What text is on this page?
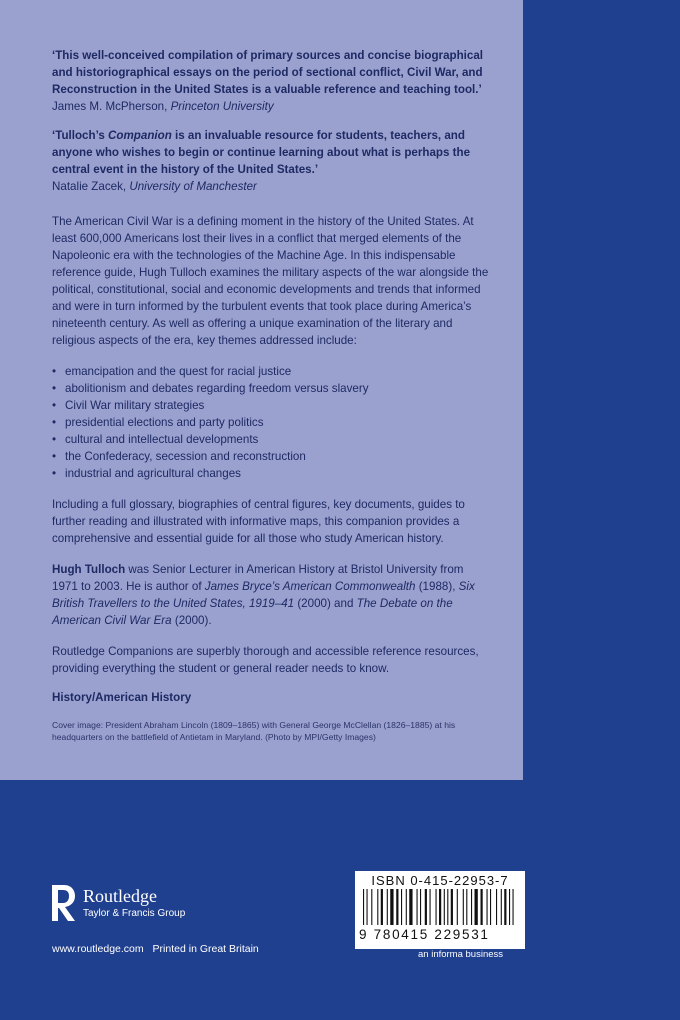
‘This well-conceived compilation of primary sources and concise biographical and historiographical essays on the period of sectional conflict, Civil War, and Reconstruction in the United States is a valuable reference and teaching tool.’
James M. McPherson, Princeton University
‘Tulloch’s Companion is an invaluable resource for students, teachers, and anyone who wishes to begin or continue learning about what is perhaps the central event in the history of the United States.’
Natalie Zacek, University of Manchester

The American Civil War is a defining moment in the history of the United States. At least 600,000 Americans lost their lives in a conflict that merged elements of the Napoleonic era with the technologies of the Machine Age. In this indispensable reference guide, Hugh Tulloch examines the military aspects of the war alongside the political, constitutional, social and economic developments and trends that informed and were in turn informed by the turbulent events that took place during America’s nineteenth century. As well as offering a unique examination of the literary and religious aspects of the era, key themes addressed include:

• emancipation and the quest for racial justice
• abolitionism and debates regarding freedom versus slavery
• Civil War military strategies
• presidential elections and party politics
• cultural and intellectual developments
• the Confederacy, secession and reconstruction
• industrial and agricultural changes

Including a full glossary, biographies of central figures, key documents, guides to further reading and illustrated with informative maps, this companion provides a comprehensive and essential guide for all those who study American history.

Hugh Tulloch was Senior Lecturer in American History at Bristol University from 1971 to 2003. He is author of James Bryce’s American Commonwealth (1988), Six British Travellers to the United States, 1919–41 (2000) and The Debate on the American Civil War Era (2000).

Routledge Companions are superbly thorough and accessible reference resources, providing everything the student or general reader needs to know.

History/American History
Cover image: President Abraham Lincoln (1809–1865) with General George McClellan (1826–1885) at his headquarters on the battlefield of Antietam in Maryland. (Photo by MPI/Getty Images)
Routledge
Taylor & Francis Group
www.routledge.com Printed in Great Britain
ISBN 0-415-22953-7
9 780415 229531
an informa business
